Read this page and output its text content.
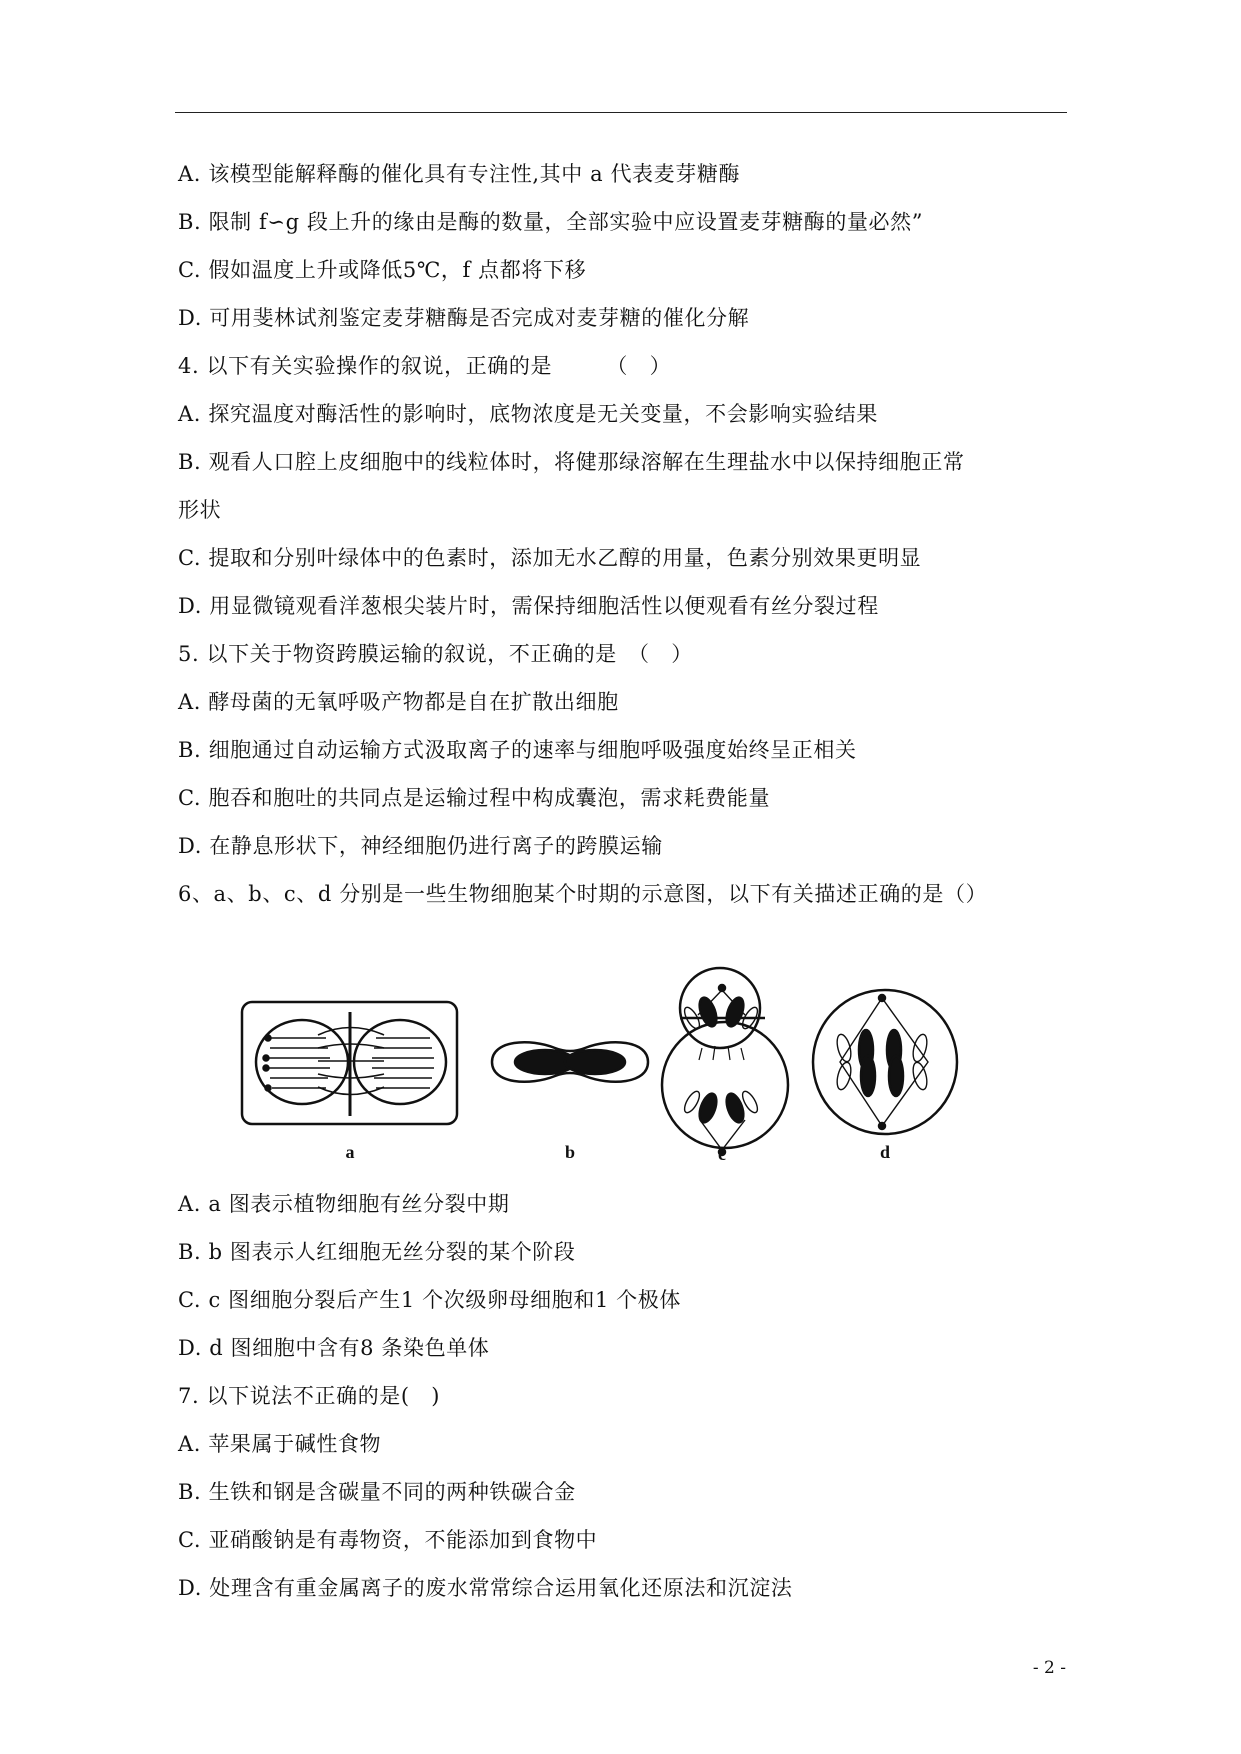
A. 该模型能解释酶的催化具有专注性,其中 a 代表麦芽糖酶
B. 限制 f∽g 段上升的缘由是酶的数量，全部实验中应设置麦芽糖酶的量必然”
C. 假如温度上升或降低5℃，f 点都将下移
D. 可用斐林试剂鉴定麦芽糖酶是否完成对麦芽糖的催化分解
4. 以下有关实验操作的叙说，正确的是　　　（　）
A. 探究温度对酶活性的影响时，底物浓度是无关变量，不会影响实验结果
B. 观看人口腔上皮细胞中的线粒体时，将健那绿溶解在生理盐水中以保持细胞正常
形状
C. 提取和分别叶绿体中的色素时，添加无水乙醇的用量，色素分别效果更明显
D. 用显微镜观看洋葱根尖装片时，需保持细胞活性以便观看有丝分裂过程
5. 以下关于物资跨膜运输的叙说，不正确的是　（　）
A. 酵母菌的无氧呼吸产物都是自在扩散出细胞
B. 细胞通过自动运输方式汲取离子的速率与细胞呼吸强度始终呈正相关
C. 胞吞和胞吐的共同点是运输过程中构成囊泡，需求耗费能量
D. 在静息形状下，神经细胞仍进行离子的跨膜运输
6、a、b、c、d 分别是一些生物细胞某个时期的示意图，以下有关描述正确的是（）
a	b	c	d
A. a 图表示植物细胞有丝分裂中期
B. b 图表示人红细胞无丝分裂的某个阶段
C. c 图细胞分裂后产生1 个次级卵母细胞和1 个极体
D. d 图细胞中含有8 条染色单体
7. 以下说法不正确的是(　)
A. 苹果属于碱性食物
B. 生铁和钢是含碳量不同的两种铁碳合金
C. 亚硝酸钠是有毒物资，不能添加到食物中
D. 处理含有重金属离子的废水常常综合运用氧化还原法和沉淀法
- 2 -
